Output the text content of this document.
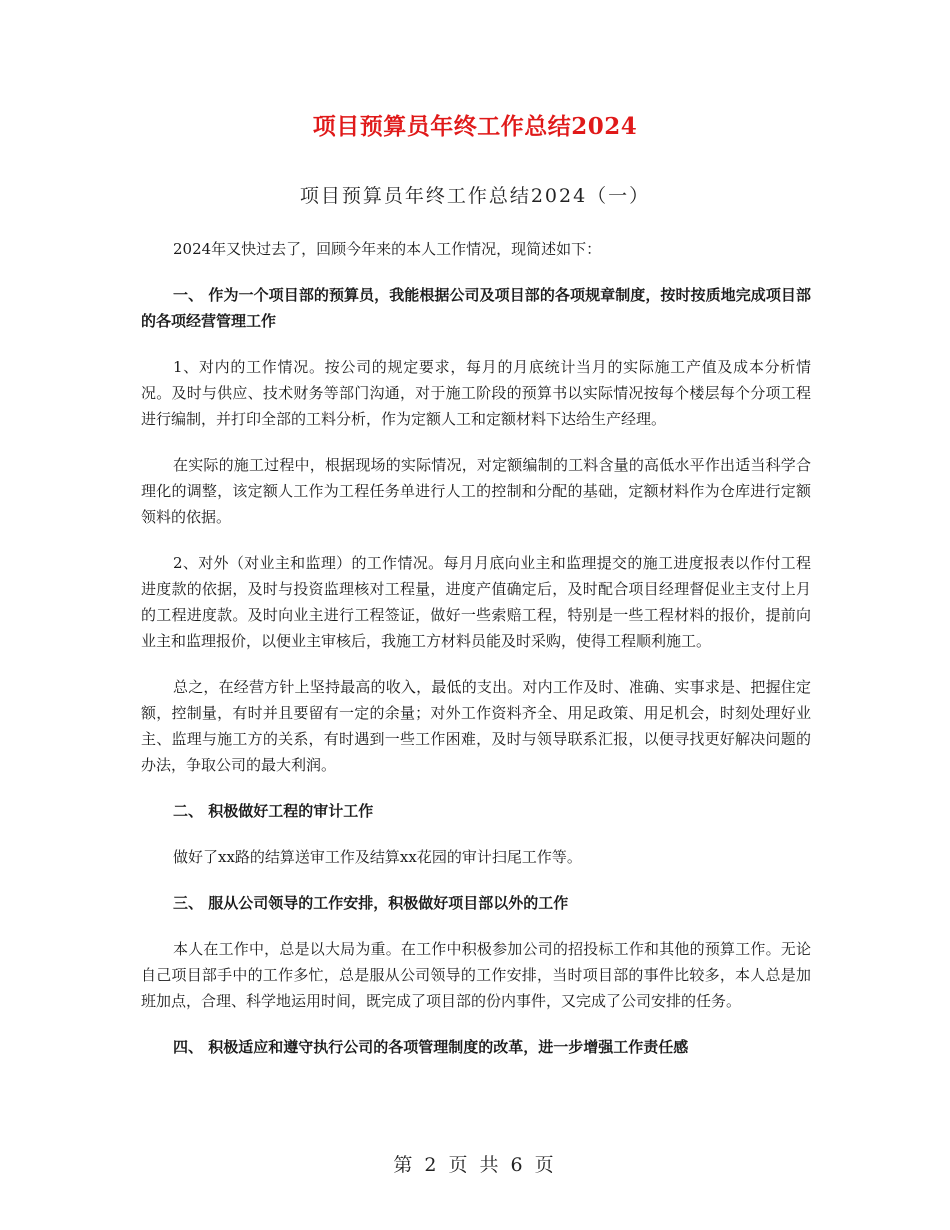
项目预算员年终工作总结2024
项目预算员年终工作总结2024（一）

2024年又快过去了，回顾今年来的本人工作情况，现简述如下：

一、 作为一个项目部的预算员，我能根据公司及项目部的各项规章制度，按时按质地完成项目部的各项经营管理工作

1、对内的工作情况。按公司的规定要求，每月的月底统计当月的实际施工产值及成本分析情况。及时与供应、技术财务等部门沟通，对于施工阶段的预算书以实际情况按每个楼层每个分项工程进行编制，并打印全部的工料分析，作为定额人工和定额材料下达给生产经理。

在实际的施工过程中，根据现场的实际情况，对定额编制的工料含量的高低水平作出适当科学合理化的调整，该定额人工作为工程任务单进行人工的控制和分配的基础，定额材料作为仓库进行定额领料的依据。

2、对外（对业主和监理）的工作情况。每月月底向业主和监理提交的施工进度报表以作付工程进度款的依据，及时与投资监理核对工程量，进度产值确定后，及时配合项目经理督促业主支付上月的工程进度款。及时向业主进行工程签证，做好一些索赔工程，特别是一些工程材料的报价，提前向业主和监理报价，以便业主审核后，我施工方材料员能及时采购，使得工程顺利施工。

总之，在经营方针上坚持最高的收入，最低的支出。对内工作及时、准确、实事求是、把握住定额，控制量，有时并且要留有一定的余量；对外工作资料齐全、用足政策、用足机会，时刻处理好业主、监理与施工方的关系，有时遇到一些工作困难，及时与领导联系汇报，以便寻找更好解决问题的办法，争取公司的最大利润。

二、 积极做好工程的审计工作

做好了xx路的结算送审工作及结算xx花园的审计扫尾工作等。

三、 服从公司领导的工作安排，积极做好项目部以外的工作

本人在工作中，总是以大局为重。在工作中积极参加公司的招投标工作和其他的预算工作。无论自己项目部手中的工作多忙，总是服从公司领导的工作安排，当时项目部的事件比较多，本人总是加班加点，合理、科学地运用时间，既完成了项目部的份内事件，又完成了公司安排的任务。

四、 积极适应和遵守执行公司的各项管理制度的改革，进一步增强工作责任感

第 2 页 共 6 页
